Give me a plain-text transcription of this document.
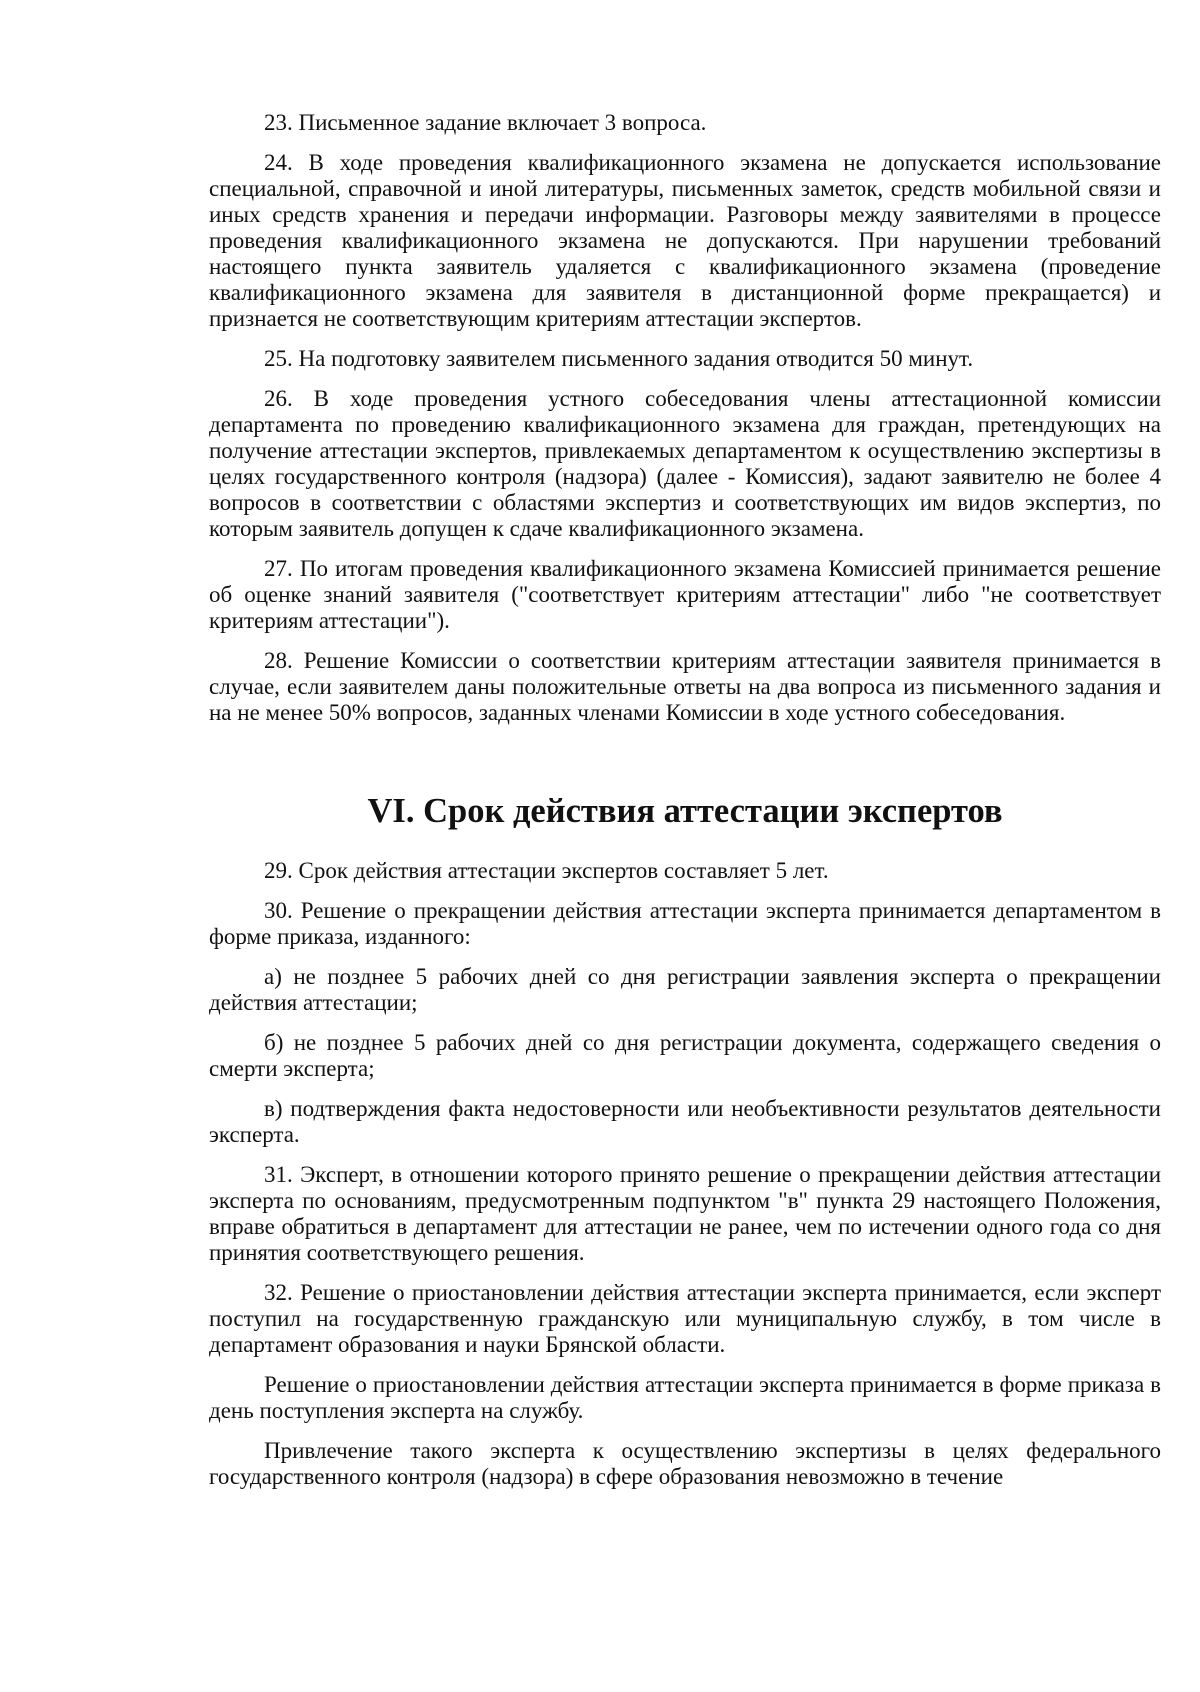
23. Письменное задание включает 3 вопроса.

24. В ходе проведения квалификационного экзамена не допускается использование специальной, справочной и иной литературы, письменных заметок, средств мобильной связи и иных средств хранения и передачи информации. Разговоры между заявителями в процессе проведения квалификационного экзамена не допускаются. При нарушении требований настоящего пункта заявитель удаляется с квалификационного экзамена (проведение квалификационного экзамена для заявителя в дистанционной форме прекращается) и признается не соответствующим критериям аттестации экспертов.

25. На подготовку заявителем письменного задания отводится 50 минут.

26. В ходе проведения устного собеседования члены аттестационной комиссии департамента по проведению квалификационного экзамена для граждан, претендующих на получение аттестации экспертов, привлекаемых департаментом к осуществлению экспертизы в целях государственного контроля (надзора) (далее - Комиссия), задают заявителю не более 4 вопросов в соответствии с областями экспертиз и соответствующих им видов экспертиз, по которым заявитель допущен к сдаче квалификационного экзамена.

27. По итогам проведения квалификационного экзамена Комиссией принимается решение об оценке знаний заявителя ("соответствует критериям аттестации" либо "не соответствует критериям аттестации").

28. Решение Комиссии о соответствии критериям аттестации заявителя принимается в случае, если заявителем даны положительные ответы на два вопроса из письменного задания и на не менее 50% вопросов, заданных членами Комиссии в ходе устного собеседования.

VI. Срок действия аттестации экспертов

29. Срок действия аттестации экспертов составляет 5 лет.

30. Решение о прекращении действия аттестации эксперта принимается департаментом в форме приказа, изданного:

а) не позднее 5 рабочих дней со дня регистрации заявления эксперта о прекращении действия аттестации;

б) не позднее 5 рабочих дней со дня регистрации документа, содержащего сведения о смерти эксперта;

в) подтверждения факта недостоверности или необъективности результатов деятельности эксперта.

31. Эксперт, в отношении которого принято решение о прекращении действия аттестации эксперта по основаниям, предусмотренным подпунктом "в" пункта 29 настоящего Положения, вправе обратиться в департамент для аттестации не ранее, чем по истечении одного года со дня принятия соответствующего решения.

32. Решение о приостановлении действия аттестации эксперта принимается, если эксперт поступил на государственную гражданскую или муниципальную службу, в том числе в департамент образования и науки Брянской области.

Решение о приостановлении действия аттестации эксперта принимается в форме приказа в день поступления эксперта на службу.

Привлечение такого эксперта к осуществлению экспертизы в целях федерального государственного контроля (надзора) в сфере образования невозможно в течение
